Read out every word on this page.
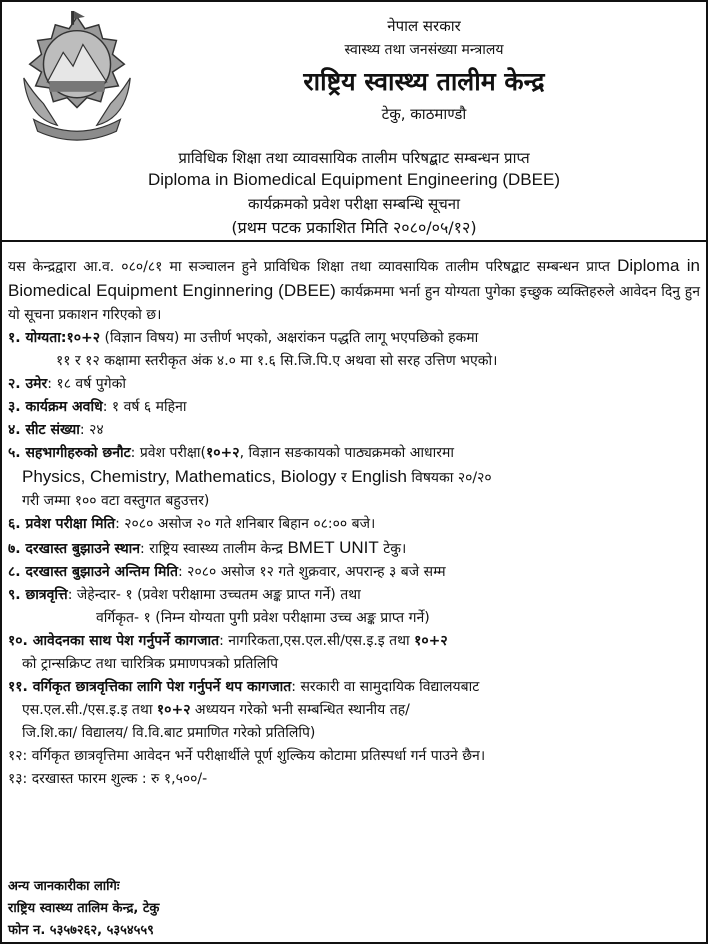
नेपाल सरकार
स्वास्थ्य तथा जनसंख्या मन्त्रालय
राष्ट्रिय स्वास्थ्य तालीम केन्द्र
टेकु, काठमाण्डौ
प्राविधिक शिक्षा तथा व्यावसायिक तालीम परिषद्बाट सम्बन्धन प्राप्त
Diploma in Biomedical Equipment Engineering (DBEE)
कार्यक्रमको प्रवेश परीक्षा सम्बन्धि सूचना
(प्रथम पटक प्रकाशित मिति २०८०/०५/१२)

यस केन्द्रद्वारा आ.व. ०८०/८१ मा सञ्चालन हुने प्राविधिक शिक्षा तथा व्यावसायिक तालीम परिषद्बाट सम्बन्धन प्राप्त Diploma in Biomedical Equipment Enginnering (DBEE) कार्यक्रममा भर्ना हुन योग्यता पुगेका इच्छुक व्यक्तिहरुले आवेदन दिनु हुन यो सूचना प्रकाशन गरिएको छ।

१. योग्यता:१०+२ (विज्ञान विषय) मा उत्तीर्ण भएको, अक्षरांकन पद्धति लागू भएपछिको हकमा
११ र १२ कक्षामा स्तरीकृत अंक ४.० मा १.६ सि.जि.पि.ए अथवा सो सरह उत्तिण भएको।
२. उमेर: १८ वर्ष पुगेको
३. कार्यक्रम अवधि: १ वर्ष ६ महिना
४. सीट संख्या: २४
५. सहभागीहरुको छनौट: प्रवेश परीक्षा(१०+२, विज्ञान सङकायको पाठ्यक्रमको आधारमा
Physics, Chemistry, Mathematics, Biology र English विषयका २०/२०
गरी जम्मा १०० वटा वस्तुगत बहुउत्तर)
६. प्रवेश परीक्षा मिति: २०८० असोज २० गते शनिबार बिहान ०८:०० बजे।
७. दरखास्त बुझाउने स्थान: राष्ट्रिय स्वास्थ्य तालीम केन्द्र BMET UNIT टेकु।
८. दरखास्त बुझाउने अन्तिम मिति: २०८० असोज १२ गते शुक्रवार, अपरान्ह ३ बजे सम्म
९. छात्रवृत्ति: जेहेन्दार- १ (प्रवेश परीक्षामा उच्चतम अङ्क प्राप्त गर्ने) तथा
वर्गिकृत- १ (निम्न योग्यता पुगी प्रवेश परीक्षामा उच्च अङ्क प्राप्त गर्ने)
१०. आवेदनका साथ पेश गर्नुपर्ने कागजात: नागरिकता,एस.एल.सी/एस.इ.इ तथा १०+२
को ट्रान्सक्रिप्ट तथा चारित्रिक प्रमाणपत्रको प्रतिलिपि
११. वर्गिकृत छात्रवृत्तिका लागि पेश गर्नुपर्ने थप कागजात: सरकारी वा सामुदायिक विद्यालयबाट
एस.एल.सी./एस.इ.इ तथा १०+२ अध्ययन गरेको भनी सम्बन्धित स्थानीय तह/
जि.शि.का/ विद्यालय/ वि.वि.बाट प्रमाणित गरेको प्रतिलिपि)
१२: वर्गिकृत छात्रवृत्तिमा आवेदन भर्ने परीक्षार्थीले पूर्ण शुल्किय कोटामा प्रतिस्पर्धा गर्न पाउने छैन।
१३: दरखास्त फारम शुल्क : रु १,५००/-
अन्य जानकारीका लागिः
राष्ट्रिय स्वास्थ्य तालिम केन्द्र, टेकु
फोन न. ५३५७२६२, ५३५४५५९
